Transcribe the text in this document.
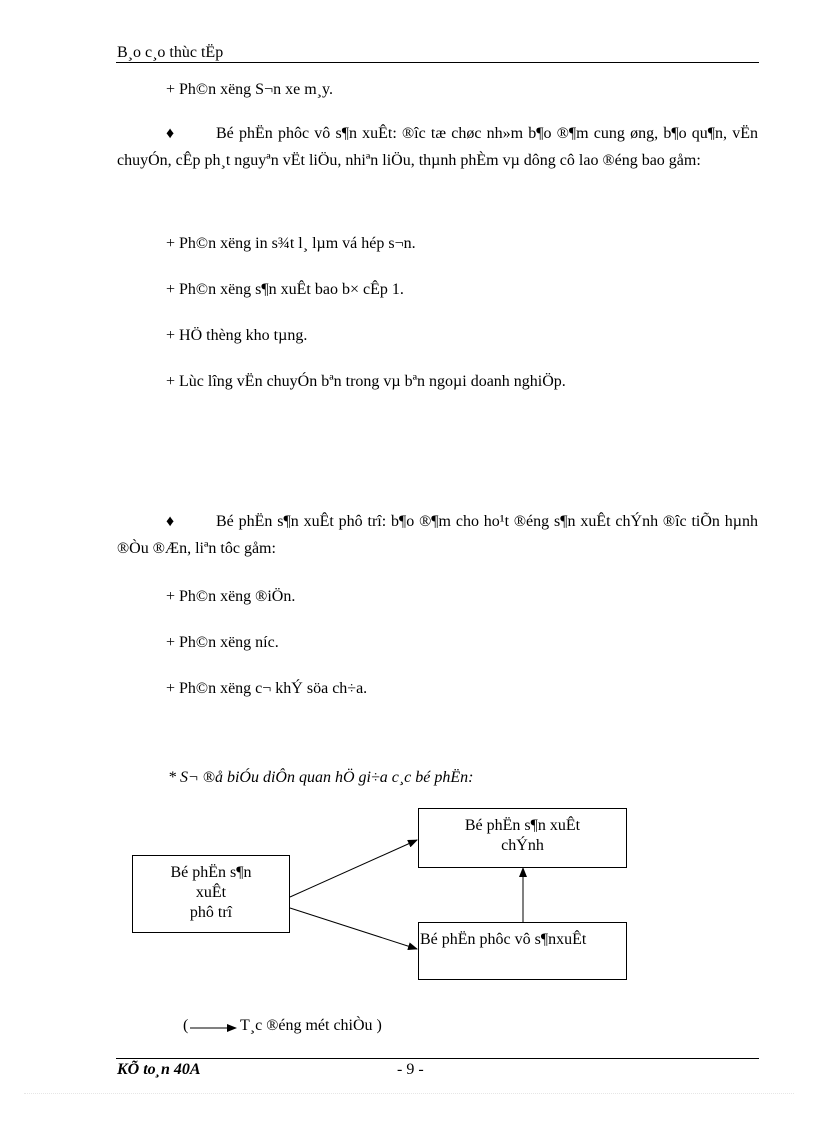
B¸o c¸o thùc tËp
+ Ph©n xëng S¬n xe m¸y.
♦	Bé phËn phôc vô s¶n xuÊt: ®îc tæ chøc nh»m b¶o ®¶m cung øng, b¶o qu¶n, vËn chuyÓn, cÊp ph¸t nguyªn vËt liÖu, nhiªn liÖu, thµnh phÈm vµ dông cô lao ®éng bao gåm:
+ Ph©n xëng in s¾t l¸ lµm vá hép s¬n.
+ Ph©n xëng s¶n xuÊt bao b× cÊp 1.
+ HÖ thèng kho tµng.
+ Lùc lîng vËn chuyÓn bªn trong vµ bªn ngoµi doanh nghiÖp.
♦	Bé phËn s¶n xuÊt phô trî: b¶o ®¶m cho ho¹t ®éng s¶n xuÊt chÝnh ®îc tiÕn hµnh ®Òu ®Æn, liªn tôc gåm:
+ Ph©n xëng ®iÖn.
+ Ph©n xëng níc.
+ Ph©n xëng c¬ khÝ söa ch÷a.
* S¬ ®å biÓu diÔn quan hÖ gi÷a c¸c bé phËn:
Bé phËn s¶n
xuÊt
phô trî
Bé phËn s¶n xuÊt
chÝnh
Bé phËn phôc vô s¶nxuÊt
(	T¸c ®éng mét chiÒu )
KÕ to¸n 40A	- 9 -
